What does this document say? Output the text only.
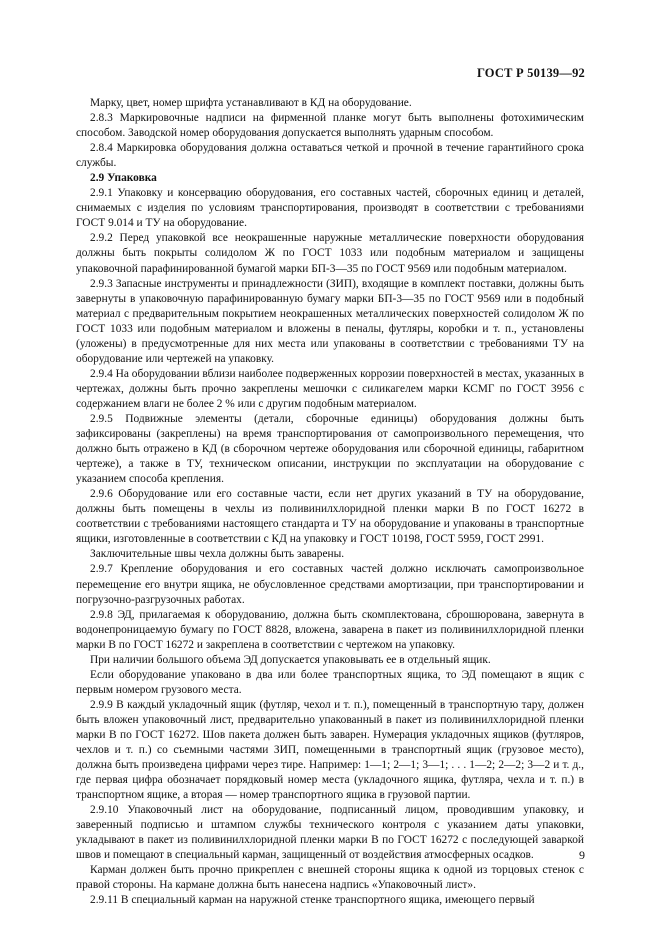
ГОСТ Р 50139—92

Марку, цвет, номер шрифта устанавливают в КД на оборудование.

2.8.3 Маркировочные надписи на фирменной планке могут быть выполнены фотохимическим способом. Заводской номер оборудования допускается выполнять ударным способом.

2.8.4 Маркировка оборудования должна оставаться четкой и прочной в течение гарантийного срока службы.

2.9 Упаковка

2.9.1 Упаковку и консервацию оборудования, его составных частей, сборочных единиц и деталей, снимаемых с изделия по условиям транспортирования, производят в соответствии с требованиями ГОСТ 9.014 и ТУ на оборудование.

2.9.2 Перед упаковкой все неокрашенные наружные металлические поверхности оборудования должны быть покрыты солидолом Ж по ГОСТ 1033 или подобным материалом и защищены упаковочной парафинированной бумагой марки БП-3—35 по ГОСТ 9569 или подобным материалом.

2.9.3 Запасные инструменты и принадлежности (ЗИП), входящие в комплект поставки, должны быть завернуты в упаковочную парафинированную бумагу марки БП-3—35 по ГОСТ 9569 или в подобный материал с предварительным покрытием неокрашенных металлических поверхностей солидолом Ж по ГОСТ 1033 или подобным материалом и вложены в пеналы, футляры, коробки и т. п., установлены (уложены) в предусмотренные для них места или упакованы в соответствии с требованиями ТУ на оборудование или чертежей на упаковку.

2.9.4 На оборудовании вблизи наиболее подверженных коррозии поверхностей в местах, указанных в чертежах, должны быть прочно закреплены мешочки с силикагелем марки КСМГ по ГОСТ 3956 с содержанием влаги не более 2 % или с другим подобным материалом.

2.9.5 Подвижные элементы (детали, сборочные единицы) оборудования должны быть зафиксированы (закреплены) на время транспортирования от самопроизвольного перемещения, что должно быть отражено в КД (в сборочном чертеже оборудования или сборочной единицы, габаритном чертеже), а также в ТУ, техническом описании, инструкции по эксплуатации на оборудование с указанием способа крепления.

2.9.6 Оборудование или его составные части, если нет других указаний в ТУ на оборудование, должны быть помещены в чехлы из поливинилхлоридной пленки марки В по ГОСТ 16272 в соответствии с требованиями настоящего стандарта и ТУ на оборудование и упакованы в транспортные ящики, изготовленные в соответствии с КД на упаковку и ГОСТ 10198, ГОСТ 5959, ГОСТ 2991.

Заключительные швы чехла должны быть заварены.

2.9.7 Крепление оборудования и его составных частей должно исключать самопроизвольное перемещение его внутри ящика, не обусловленное средствами амортизации, при транспортировании и погрузочно-разгрузочных работах.

2.9.8 ЭД, прилагаемая к оборудованию, должна быть скомплектована, сброшюрована, завернута в водонепроницаемую бумагу по ГОСТ 8828, вложена, заварена в пакет из поливинилхлоридной пленки марки В по ГОСТ 16272 и закреплена в соответствии с чертежом на упаковку.

При наличии большого объема ЭД допускается упаковывать ее в отдельный ящик.

Если оборудование упаковано в два или более транспортных ящика, то ЭД помещают в ящик с первым номером грузового места.

2.9.9 В каждый укладочный ящик (футляр, чехол и т. п.), помещенный в транспортную тару, должен быть вложен упаковочный лист, предварительно упакованный в пакет из поливинилхлоридной пленки марки В по ГОСТ 16272. Шов пакета должен быть заварен. Нумерация укладочных ящиков (футляров, чехлов и т. п.) со съемными частями ЗИП, помещенными в транспортный ящик (грузовое место), должна быть произведена цифрами через тире. Например: 1—1; 2—1; 3—1; . . . 1—2; 2—2; 3—2 и т. д., где первая цифра обозначает порядковый номер места (укладочного ящика, футляра, чехла и т. п.) в транспортном ящике, а вторая — номер транспортного ящика в грузовой партии.

2.9.10 Упаковочный лист на оборудование, подписанный лицом, проводившим упаковку, и заверенный подписью и штампом службы технического контроля с указанием даты упаковки, укладывают в пакет из поливинилхлоридной пленки марки В по ГОСТ 16272 с последующей заваркой швов и помещают в специальный карман, защищенный от воздействия атмосферных осадков.

Карман должен быть прочно прикреплен с внешней стороны ящика к одной из торцовых стенок с правой стороны. На кармане должна быть нанесена надпись «Упаковочный лист».

2.9.11 В специальный карман на наружной стенке транспортного ящика, имеющего первый

9
